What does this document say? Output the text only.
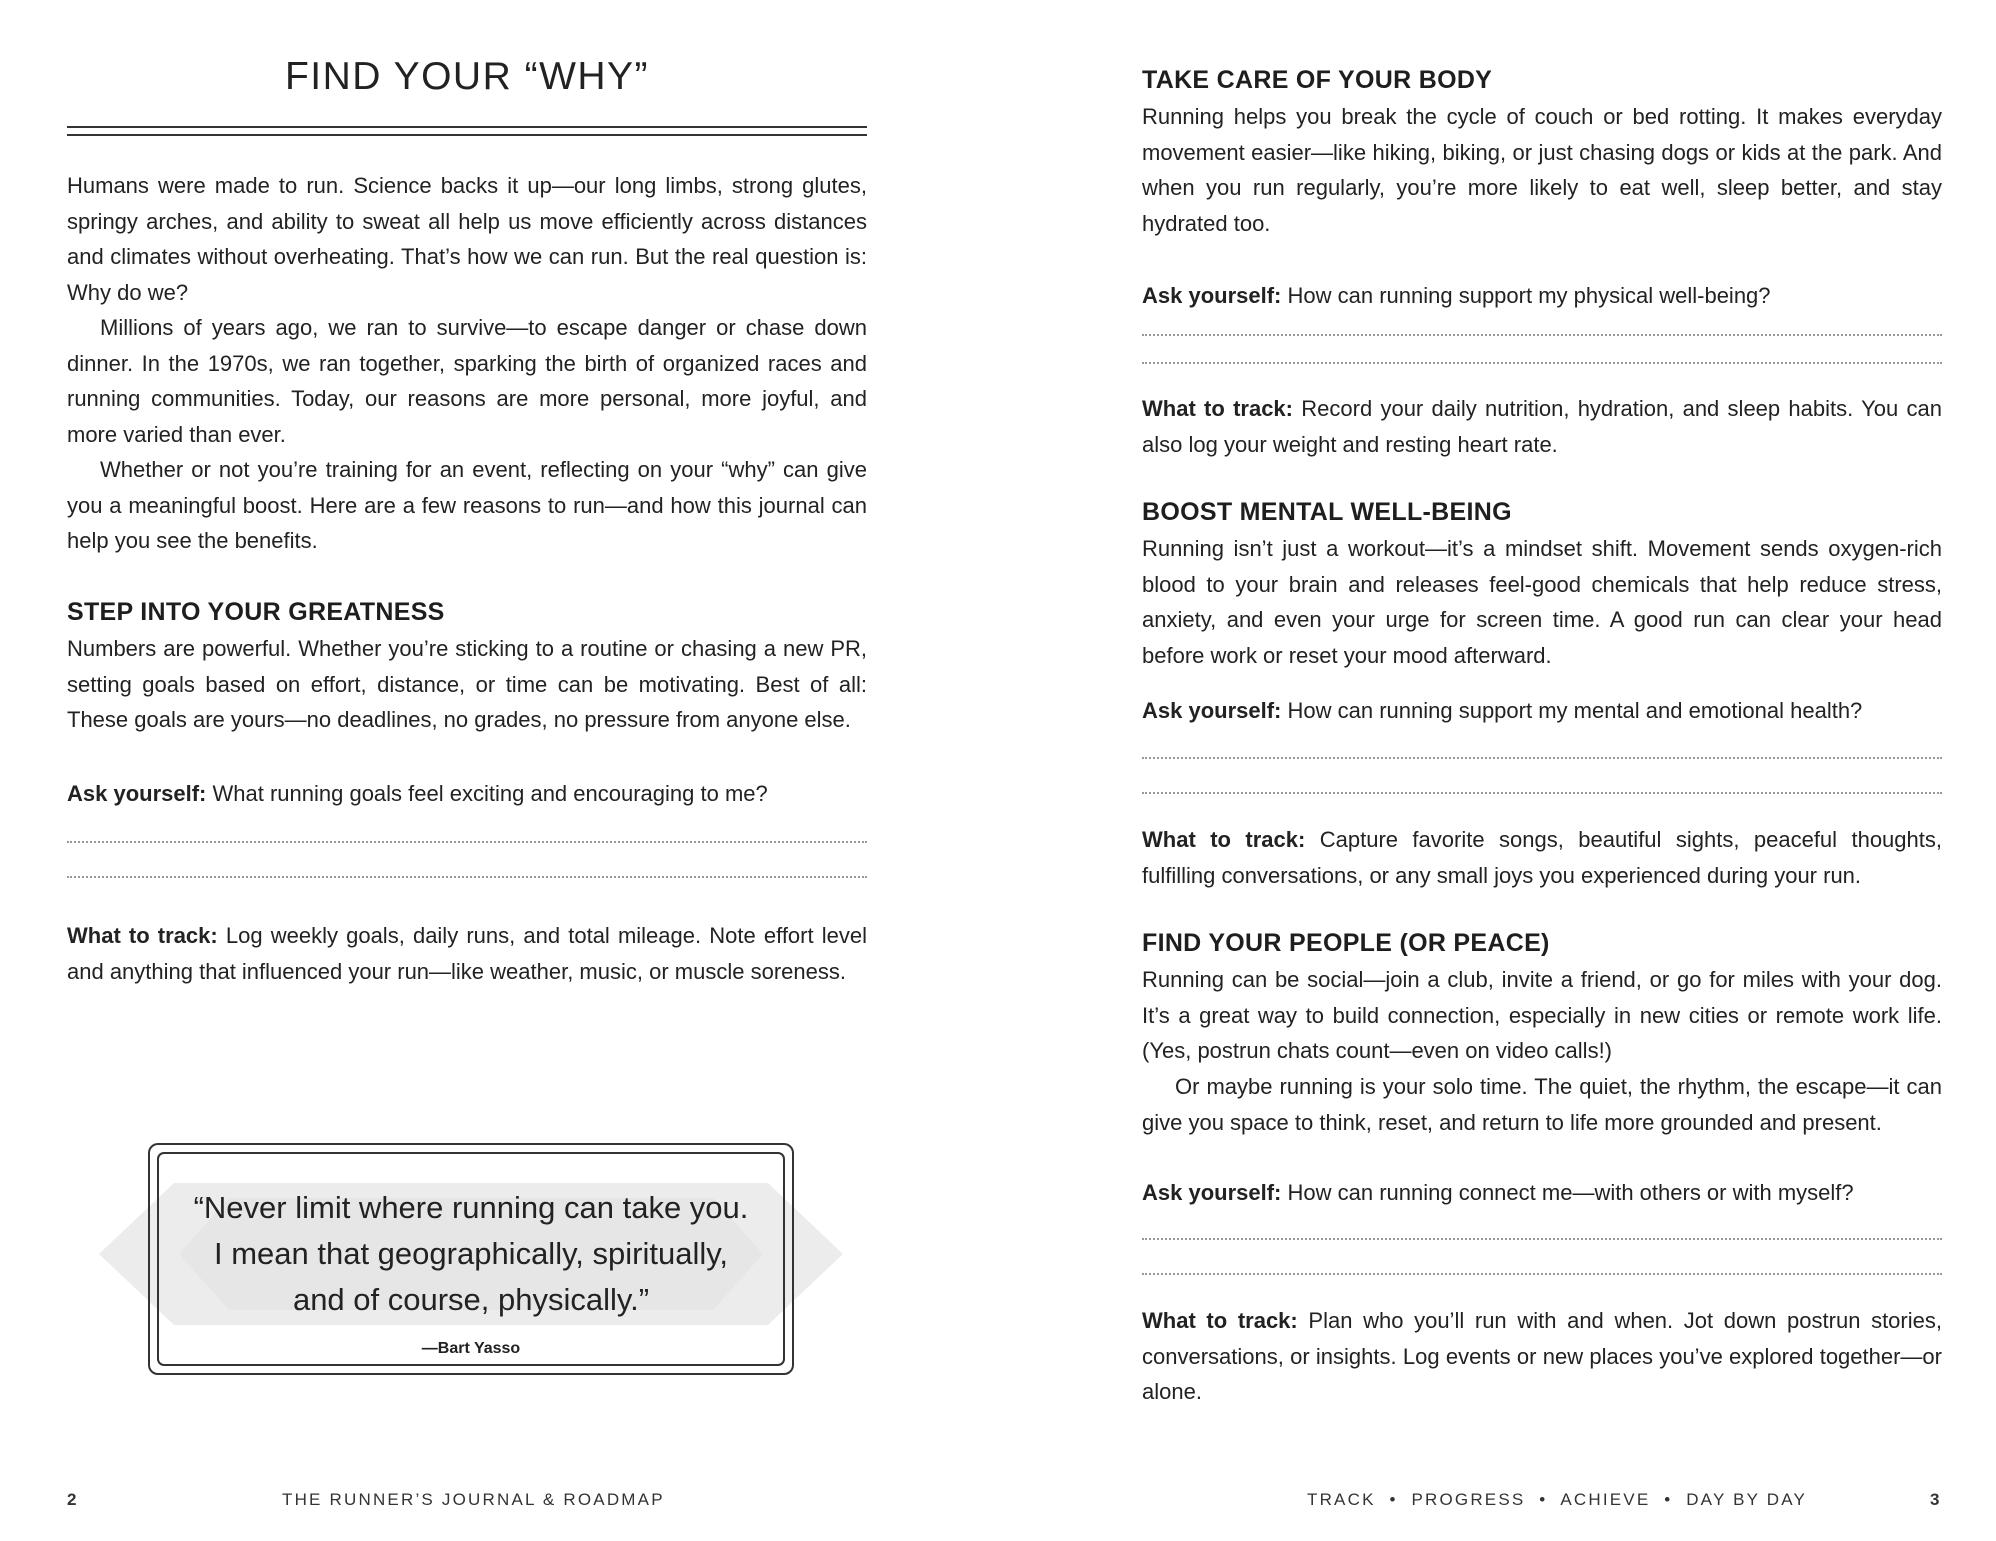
FIND YOUR “WHY”

Humans were made to run. Science backs it up—our long limbs, strong glutes, springy arches, and ability to sweat all help us move efficiently across distances and climates without overheating. That’s how we can run. But the real question is: Why do we?

Millions of years ago, we ran to survive—to escape danger or chase down dinner. In the 1970s, we ran together, sparking the birth of organized races and running communities. Today, our reasons are more personal, more joyful, and more varied than ever.

Whether or not you’re training for an event, reflecting on your “why” can give you a meaningful boost. Here are a few reasons to run—and how this journal can help you see the benefits.

STEP INTO YOUR GREATNESS

Numbers are powerful. Whether you’re sticking to a routine or chasing a new PR, setting goals based on effort, distance, or time can be motivating. Best of all: These goals are yours—no deadlines, no grades, no pressure from anyone else.

Ask yourself: What running goals feel exciting and encouraging to me?

What to track: Log weekly goals, daily runs, and total mileage. Note effort level and anything that influenced your run—like weather, music, or muscle soreness.

“Never limit where running can take you.
I mean that geographically, spiritually,
and of course, physically.”
—Bart Yasso
2	THE RUNNER’S JOURNAL & ROADMAP
TAKE CARE OF YOUR BODY

Running helps you break the cycle of couch or bed rotting. It makes everyday movement easier—like hiking, biking, or just chasing dogs or kids at the park. And when you run regularly, you’re more likely to eat well, sleep better, and stay hydrated too.

Ask yourself: How can running support my physical well-being?

What to track: Record your daily nutrition, hydration, and sleep habits. You can also log your weight and resting heart rate.

BOOST MENTAL WELL-BEING

Running isn’t just a workout—it’s a mindset shift. Movement sends oxygen-rich blood to your brain and releases feel-good chemicals that help reduce stress, anxiety, and even your urge for screen time. A good run can clear your head before work or reset your mood afterward.

Ask yourself: How can running support my mental and emotional health?

What to track: Capture favorite songs, beautiful sights, peaceful thoughts, fulfilling conversations, or any small joys you experienced during your run.

FIND YOUR PEOPLE (OR PEACE)

Running can be social—join a club, invite a friend, or go for miles with your dog. It’s a great way to build connection, especially in new cities or remote work life. (Yes, postrun chats count—even on video calls!)

Or maybe running is your solo time. The quiet, the rhythm, the escape—it can give you space to think, reset, and return to life more grounded and present.

Ask yourself: How can running connect me—with others or with myself?

What to track: Plan who you’ll run with and when. Jot down postrun stories, conversations, or insights. Log events or new places you’ve explored together—or alone.

TRACK  •  PROGRESS  •  ACHIEVE  •  DAY BY DAY	3
